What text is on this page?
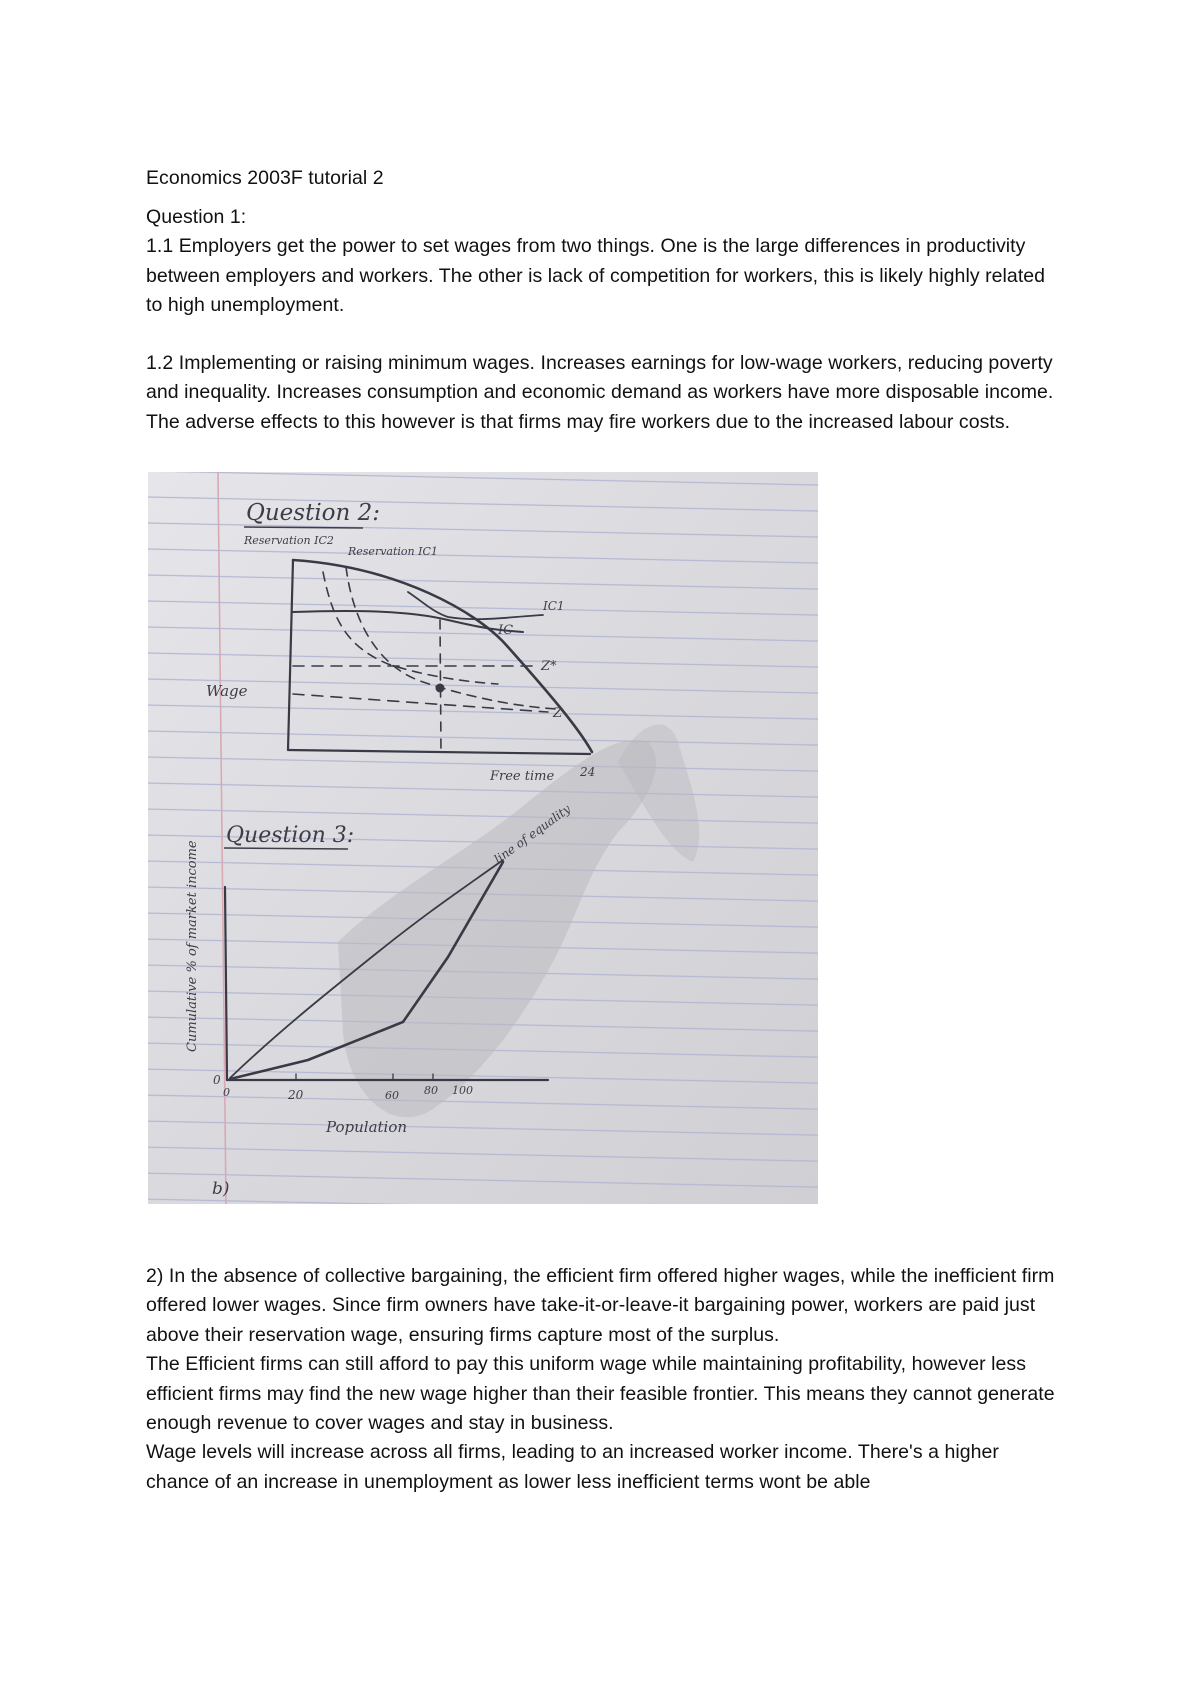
Economics 2003F tutorial 2

Question 1:

1.1 Employers get the power to set wages from two things. One is the large differences in productivity between employers and workers. The other is lack of competition for workers, this is likely highly related to high unemployment.

1.2 Implementing or raising minimum wages. Increases earnings for low-wage workers, reducing poverty and inequality. Increases consumption and economic demand as workers have more disposable income. The adverse effects to this however is that firms may fire workers due to the increased labour costs.

Question 2:
Reservation IC2
Reservation IC1
IC1
IC
Z*
Z
Wage
Free time 24
Question 3:	line of equality
Cumulative % of market income
0
0	20	60 80 100
Population
b)

2) In the absence of collective bargaining, the efficient firm offered higher wages, while the inefficient firm offered lower wages. Since firm owners have take-it-or-leave-it bargaining power, workers are paid just above their reservation wage, ensuring firms capture most of the surplus.

The Efficient firms can still afford to pay this uniform wage while maintaining profitability, however less efficient firms may find the new wage higher than their feasible frontier. This means they cannot generate enough revenue to cover wages and stay in business.

Wage levels will increase across all firms, leading to an increased worker income. There's a higher chance of an increase in unemployment as lower less inefficient terms wont be able
